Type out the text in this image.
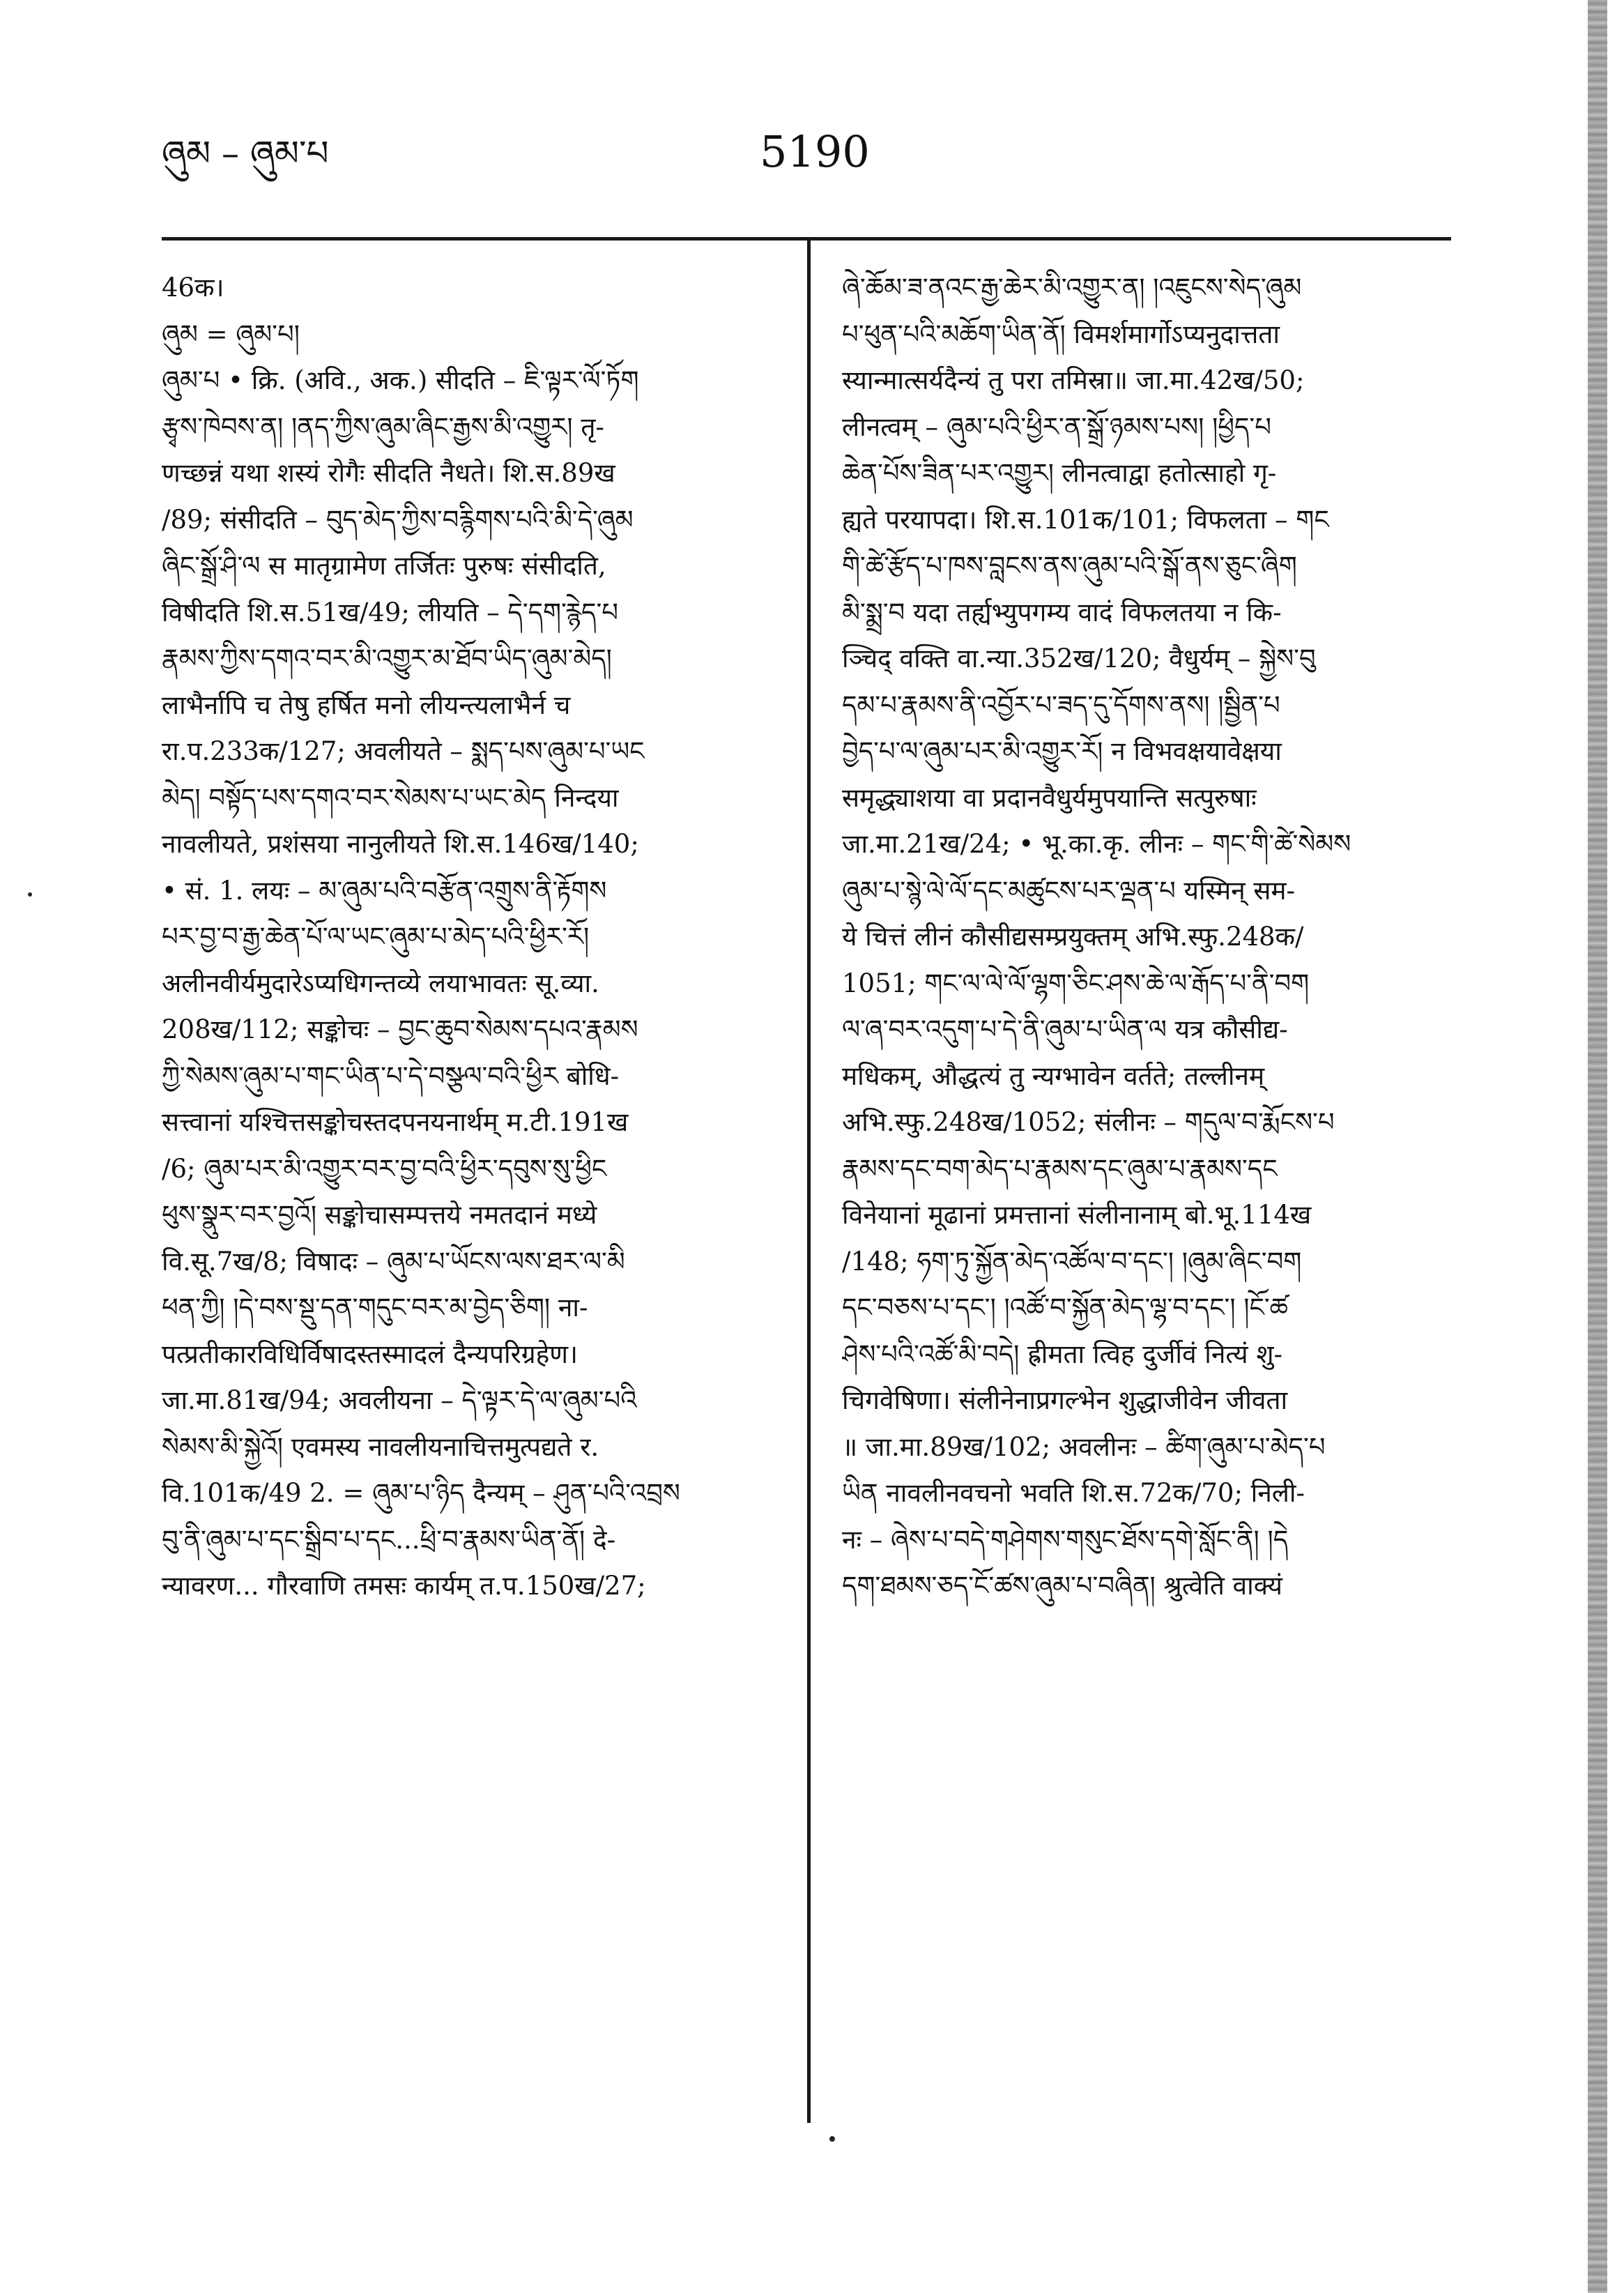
ཞུམ – ཞུམ་པ	5190
46क।
ཞུམ = ཞུམ་པ།
ཞུམ་པ • क्रि. (अवि., अक.) सीदति – ཇི་ལྟར་ལོ་ཏོག
རྩྭས་ཁེབས་ན། །ནད་ཀྱིས་ཞུམ་ཞིང་རྒྱས་མི་འགྱུར། तृ-
णच्छन्नं यथा शस्यं रोगैः सीदति नैधते। शि.स.89ख
/89; संसीदति – བུད་མེད་ཀྱིས་བརྙིགས་པའི་མི་དེ་ཞུམ
ཞིང་སྒྲོ་ཤི་ལ स मातृग्रामेण तर्जितः पुरुषः संसीदति,
विषीदति शि.स.51ख/49; लीयति – དེ་དག་རྙེད་པ
རྣམས་ཀྱིས་དགའ་བར་མི་འགྱུར་མ་ཐོབ་ཡིད་ཞུམ་མེད།
लाभैर्नापि च तेषु हर्षित मनो लीयन्त्यलाभैर्न च
रा.प.233क/127; अवलीयते – སྨད་པས་ཞུམ་པ་ཡང
མེད། བསྟོད་པས་དགའ་བར་སེམས་པ་ཡང་མེད निन्दया
नावलीयते, प्रशंसया नानुलीयते शि.स.146ख/140;
• सं. 1. लयः – མ་ཞུམ་པའི་བརྩོན་འགྲུས་ནི་རྟོགས
པར་བྱ་བ་རྒྱ་ཆེན་པོ་ལ་ཡང་ཞུམ་པ་མེད་པའི་ཕྱིར་རོ།
अलीनवीर्यमुदारेऽप्यधिगन्तव्ये लयाभावतः सू.व्या.
208ख/112; सङ्कोचः – བྱང་ཆུབ་སེམས་དཔའ་རྣམས
ཀྱི་སེམས་ཞུམ་པ་གང་ཡིན་པ་དེ་བསྩལ་བའི་ཕྱིར बोधि-
सत्त्वानां यश्चित्तसङ्कोचस्तदपनयनार्थम् म.टी.191ख
/6; ཞུམ་པར་མི་འགྱུར་བར་བྱ་བའི་ཕྱིར་དབུས་སུ་ཕྱིང
ཕུས་སྣུར་བར་བྱའོ། सङ्कोचासम्पत्तये नमतदानं मध्ये
वि.सू.7ख/8; विषादः – ཞུམ་པ་ཡོངས་ལས་ཐར་ལ་མི
ཕན་ཀྱི། །དེ་བས་སྡུ་དན་གདུང་བར་མ་བྱེད་ཅིག། ना-
पत्प्रतीकारविधिर्विषादस्तस्मादलं दैन्यपरिग्रहेण।
जा.मा.81ख/94; अवलीयना – དེ་ལྟར་དེ་ལ་ཞུམ་པའི
སེམས་མི་སྐྱེའོ། एवमस्य नावलीयनाचित्तमुत्पद्यते र.
वि.101क/49 2. = ཞུམ་པ་ཉིད दैन्यम् – ཤུན་པའི་འབྲས
བུ་ནི་ཞུམ་པ་དང་སྒྲིབ་པ་དང...ཕྲི་བ་རྣམས་ཡིན་ནོ། दे-
न्यावरण... गौरवाणि तमसः कार्यम् त.प.150ख/27;
ཞེ་ཆོམ་ཟ་ནའང་རྒྱ་ཆེར་མི་འགྱུར་ན། །འཇུངས་སེད་ཞུམ
པ་ཕུན་པའི་མཆོག་ཡིན་ནོ། विमर्शमार्गोऽप्यनुदात्तता
स्यान्मात्सर्यदैन्यं तु परा तमिस्रा॥ जा.मा.42ख/50;
लीनत्वम् – ཞུམ་པའི་ཕྱིར་ན་སྒྲོ་ཉམས་པས། །ཕྱིད་པ
ཆེན་པོས་ཟིན་པར་འགྱུར། लीनत्वाद्वा हतोत्साहो गृ-
ह्यते परयापदा। शि.स.101क/101; विफलता – གང
གི་ཚེ་རྩོད་པ་ཁས་བླངས་ནས་ཞུམ་པའི་སྒོ་ནས་ཅུང་ཞིག
མི་སྨྲ་བ यदा तर्ह्यभ्युपगम्य वादं विफलतया न कि-
ञ्चिद् वक्ति वा.न्या.352ख/120; वैधुर्यम् – སྐྱེས་བུ
དམ་པ་རྣམས་ནི་འབྱོར་པ་ཟད་དུ་དོགས་ནས། །སྦྱིན་པ
བྱེད་པ་ལ་ཞུམ་པར་མི་འགྱུར་རོ། न विभवक्षयावेक्षया
समृद्ध्याशया वा प्रदानवैधुर्यमुपयान्ति सत्पुरुषाः
जा.मा.21ख/24; • भू.का.कृ. लीनः – གང་གི་ཚེ་སེམས
ཞུམ་པ་སྙེ་ལེ་ལོ་དང་མཚུངས་པར་ལྡན་པ यस्मिन् सम-
ये चित्तं लीनं कौसीद्यसम्प्रयुक्तम् अभि.स्फु.248क/
1051; གང་ལ་ལེ་ལོ་ལྷག་ཅིང་ཤས་ཆེ་ལ་རྒོད་པ་ནི་བག
ལ་ཞ་བར་འདུག་པ་དེ་ནི་ཞུམ་པ་ཡིན་ལ यत्र कौसीद्य-
मधिकम्, औद्धत्यं तु न्यग्भावेन वर्तते; तल्लीनम्
अभि.स्फु.248ख/1052; संलीनः – གདུལ་བ་རྨོངས་པ
རྣམས་དང་བག་མེད་པ་རྣམས་དང་ཞུམ་པ་རྣམས་དང
विनेयानां मूढानां प्रमत्तानां संलीनानाम् बो.भू.114ख
/148; ཧག་ཏུ་སྐྱོན་མེད་འཚོལ་བ་དང་། །ཞུམ་ཞིང་བག
དང་བཅས་པ་དང་། །འཚོ་བ་སྐྱོན་མེད་ལྷ་བ་དང་། །ངོ་ཚ
ཤེས་པའི་འཚོ་མི་བདེ། ह्रीमता त्विह दुर्जीवं नित्यं शु-
चिगवेषिणा। संलीनेनाप्रगल्भेन शुद्धाजीवेन जीवता
॥ जा.मा.89ख/102; अवलीनः – ཚིག་ཞུམ་པ་མེད་པ
ཡིན नावलीनवचनो भवति शि.स.72क/70; निली-
नः – ཞེས་པ་བདེ་གཤེགས་གསུང་ཐོས་དགེ་སློང་ནི། །དེ
དག་ཐམས་ཅད་ངོ་ཚས་ཞུམ་པ་བཞིན། श्रुत्वेति वाक्यं
